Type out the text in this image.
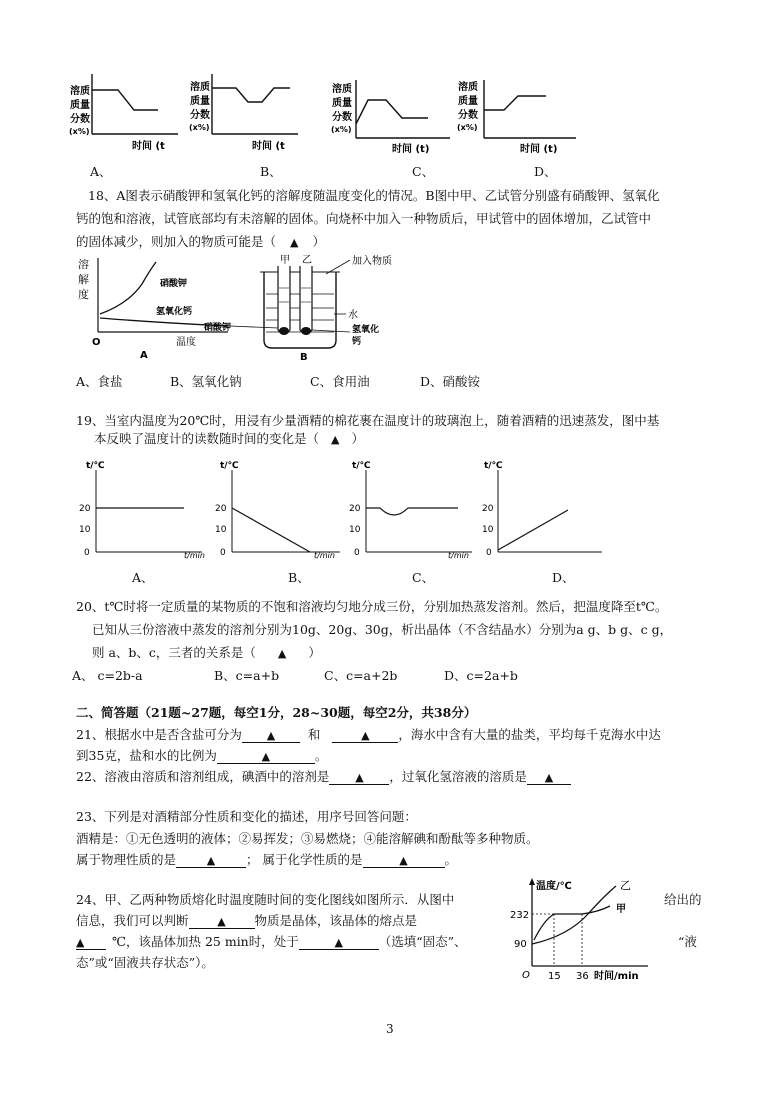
溶质
质量
分数
(x%)
时间 (t
A、
溶质
质量
分数
(x%)
时间 (t
B、
溶质
质量
分数
(x%)
时间 (t)
C、
溶质
质量
分数
(x%)
时间 (t)
D、
18、A图表示硝酸钾和氢氧化钙的溶解度随温度变化的情况。B图中甲、乙试管分别盛有硝酸钾、氢氧化
钙的饱和溶液，试管底部均有未溶解的固体。向烧杯中加入一种物质后，甲试管中的固体增加，乙试管中
的固体减少，则加入的物质可能是（ ▲ ）
溶
解
度
硝酸钾
氢氧化钙
O	温度
A
甲 乙	加入物质
水
硝酸钾	氢氧化
钙
B
A、食盐	B、氢氧化钠	C、食用油	D、硝酸铵
19、当室内温度为20℃时，用浸有少量酒精的棉花裹在温度计的玻璃泡上，随着酒精的迅速蒸发，图中基
本反映了温度计的读数随时间的变化是（ ▲ ）
t/℃
20
10
0	t/min
t/℃
20
10
0	t/min
t/℃
20
10
0	t/min
t/℃
20
10
0
A、	B、	C、	D、
20、t℃时将一定质量的某物质的不饱和溶液均匀地分成三份，分别加热蒸发溶剂。然后，把温度降至t℃。
已知从三份溶液中蒸发的溶剂分别为10g、20g、30g，析出晶体（不含结晶水）分别为a g、b g、c g，
则 a、b、c，三者的关系是（ ▲ ）
A、 c=2b-a	B、c=a+b	C、c=a+2b	D、c=2a+b
二、简答题（21题~27题，每空1分，28~30题，每空2分，共38分）
21、根据水中是否含盐可分为 ▲	和	▲ ，海水中含有大量的盐类，平均每千克海水中达
到35克，盐和水的比例为	▲	。
22、溶液由溶质和溶剂组成，碘酒中的溶剂是 ▲ ，过氧化氢溶液的溶质是 ▲
23、下列是对酒精部分性质和变化的描述，用序号回答问题：
酒精是：①无色透明的液体；②易挥发；③易燃烧；④能溶解碘和酚酞等多种物质。
属于物理性质的是	▲ ； 属于化学性质的是	▲	。
24、甲、乙两种物质熔化时温度随时间的变化图线如图所示．从图中	给出的
信息，我们可以判断	▲ 物质是晶体，该晶体的熔点是
▲ ℃，该晶体加热 25 min时，处于	▲	（选填“固态”、	“液
态”或“固液共存状态”）。
温度/℃	乙
甲
232
90
O 15 36 时间/min
3
